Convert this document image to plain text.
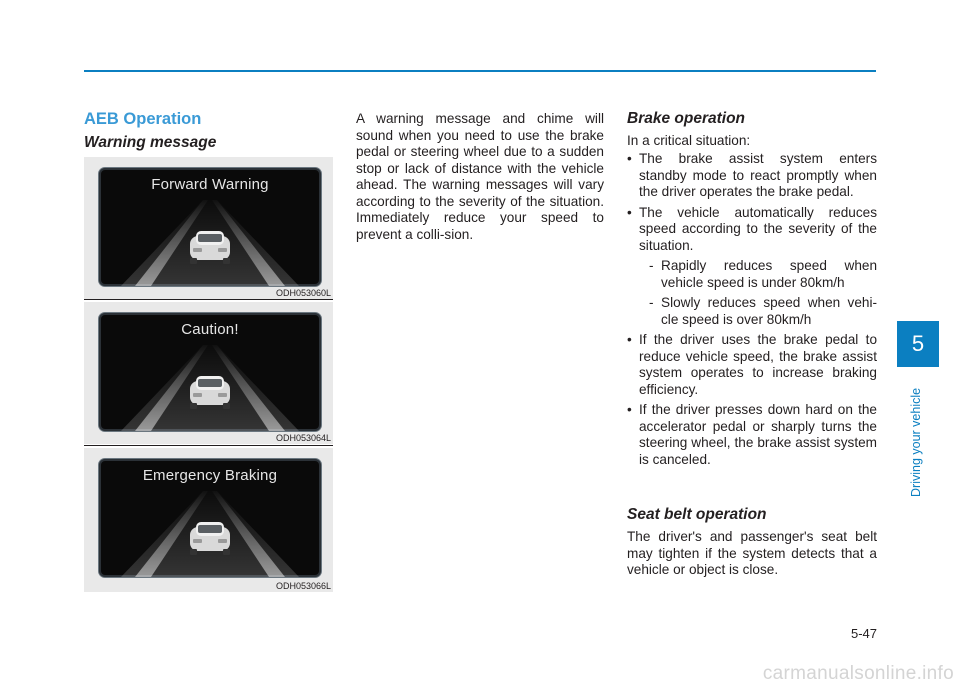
AEB Operation
Warning message
Forward Warning
ODH053060L
Caution!
ODH053064L
Emergency Braking
ODH053066L

A warning message and chime will sound when you need to use the brake pedal or steering wheel due to a sudden stop or lack of distance with the vehicle ahead. The warning messages will vary according to the severity of the situation. Immediately reduce your speed to prevent a colli-sion.

Brake operation

In a critical situation:

• The brake assist system enters standby mode to react promptly when the driver operates the brake pedal.
• The vehicle automatically reduces speed according to the severity of the situation.
- Rapidly reduces speed when vehicle speed is under 80km/h
- Slowly reduces speed when vehi-cle speed is over 80km/h
• If the driver uses the brake pedal to reduce vehicle speed, the brake assist system operates to increase braking efficiency.
• If the driver presses down hard on the accelerator pedal or sharply turns the steering wheel, the brake assist system is canceled.
Seat belt operation

The driver's and passenger's seat belt may tighten if the system detects that a vehicle or object is close.

5
Driving your vehicle
5-47
carmanualsonline.info
